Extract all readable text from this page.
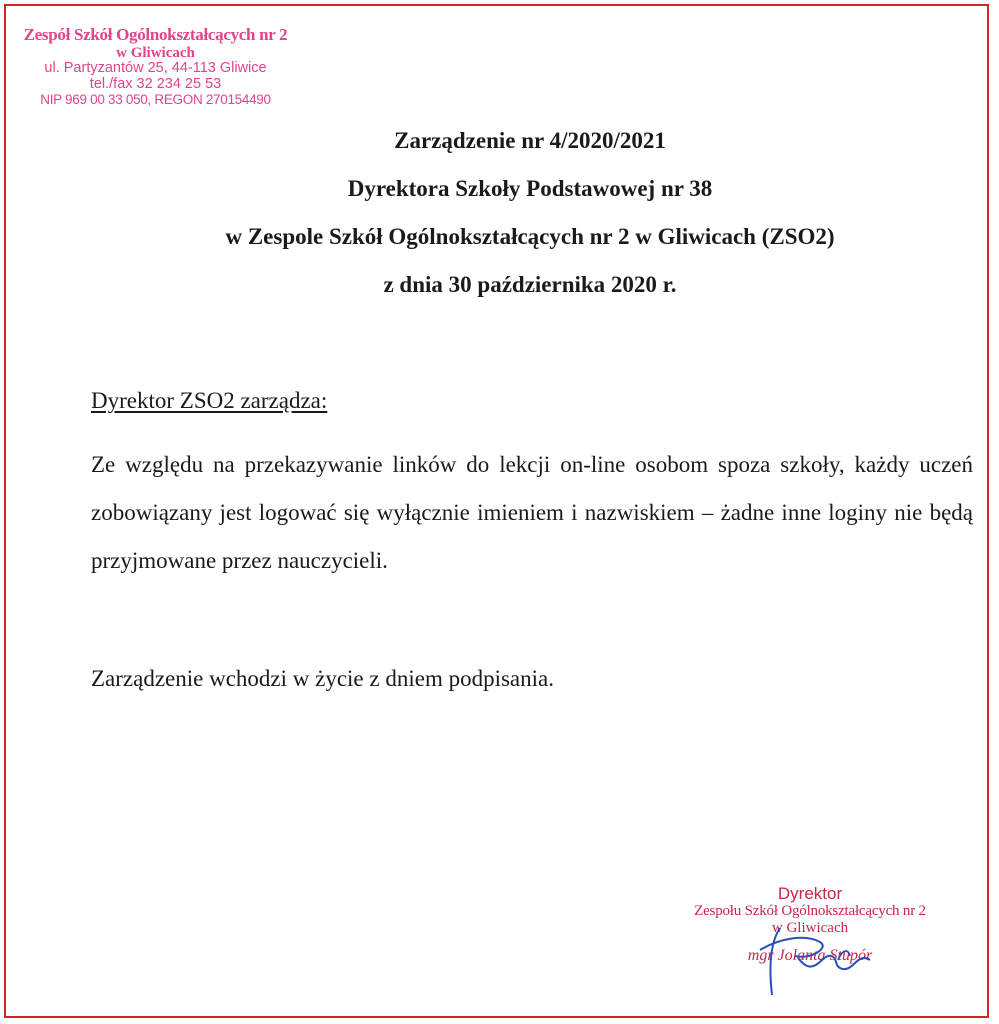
Zespół Szkół Ogólnokształcących nr 2
w Gliwicach
ul. Partyzantów 25, 44-113 Gliwice
tel./fax 32 234 25 53
NIP 969 00 33 050, REGON 270154490
Zarządzenie nr 4/2020/2021
Dyrektora Szkoły Podstawowej nr 38
w Zespole Szkół Ogólnokształcących nr 2 w Gliwicach (ZSO2)
z dnia 30 października 2020 r.
Dyrektor ZSO2 zarządza:
Ze względu na przekazywanie linków do lekcji on-line osobom spoza szkoły, każdy uczeń zobowiązany jest logować się wyłącznie imieniem i nazwiskiem – żadne inne loginy nie będą przyjmowane przez nauczycieli.
Zarządzenie wchodzi w życie z dniem podpisania.
Dyrektor
Zespołu Szkół Ogólnokształcących nr 2
w Gliwicach
mgr Jolanta Stupór
